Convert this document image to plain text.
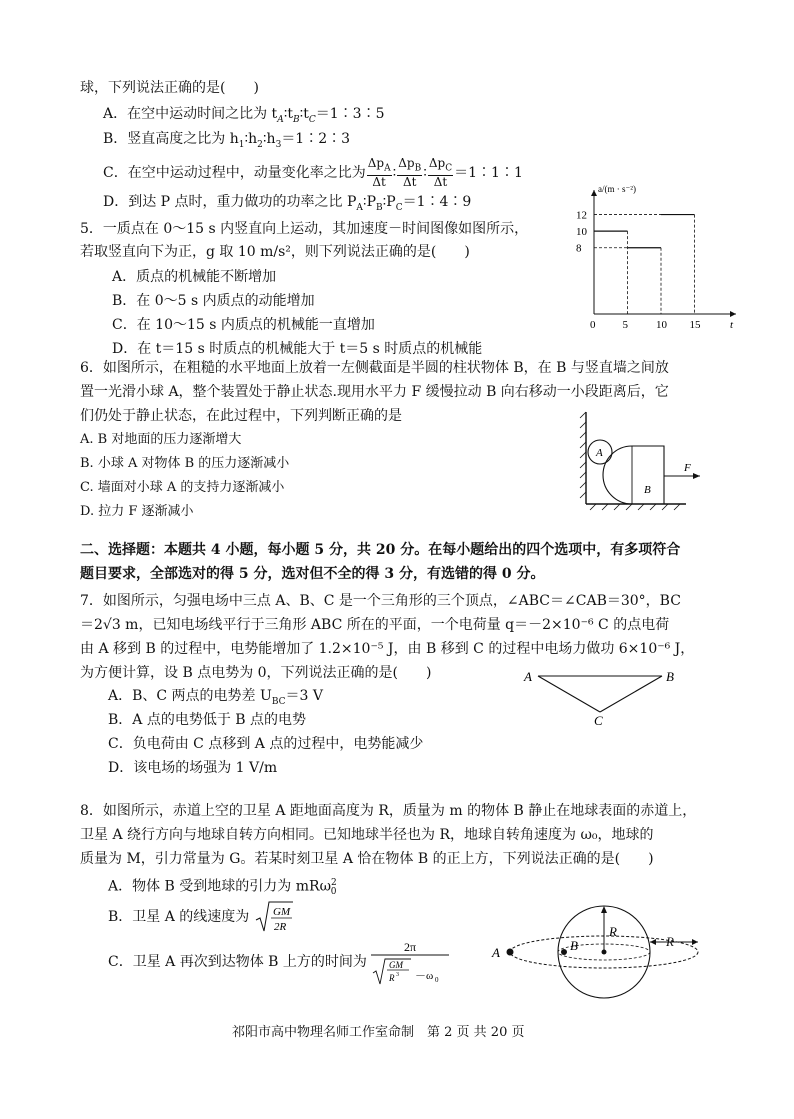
球，下列说法正确的是(　　)
A．在空中运动时间之比为 $t_A∶t_B∶t_C=1∶3∶5$
B．竖直高度之比为 $h_1∶h_2∶h_3=1∶2∶3$
C．在空中运动过程中，动量变化率之比为 $\frac{\Delta p_A}{\Delta t}$ ∶ $\frac{\Delta p_B}{\Delta t}$ ∶ $\frac{\Delta p_C}{\Delta t}$ ＝1∶1∶1
D．到达 P 点时，重力做功的功率之比 $P_A∶P_B∶P_C=1∶4∶9$
5．一质点在 0～15 s 内竖直向上运动，其加速度－时间图像如图所示，
若取竖直向下为正，g 取 10 m/s²，则下列说法正确的是(　　)
A．质点的机械能不断增加
B．在 0～5 s 内质点的动能增加
C．在 10～15 s 内质点的机械能一直增加
D．在 t＝15 s 时质点的机械能大于 t＝5 s 时质点的机械能
a/(m · s⁻²)
t
0 5	10 15
8
10
12
6．如图所示，在粗糙的水平地面上放着一左侧截面是半圆的柱状物体 B，在 B 与竖直墙之间放
置一光滑小球 A，整个装置处于静止状态.现用水平力 F 缓慢拉动 B 向右移动一小段距离后，它
们仍处于静止状态，在此过程中，下列判断正确的是
A. B 对地面的压力逐渐增大
B. 小球 A 对物体 B 的压力逐渐减小
C. 墙面对小球 A 的支持力逐渐减小
D. 拉力 F 逐渐减小
A
B
F
二、选择题：本题共 4 小题，每小题 5 分，共 20 分。在每小题给出的四个选项中，有多项符合
题目要求，全部选对的得 5 分，选对但不全的得 3 分，有选错的得 0 分。
7．如图所示，匀强电场中三点 A、B、C 是一个三角形的三个顶点，∠ABC＝∠CAB＝30°，BC
＝2√3 m，已知电场线平行于三角形 ABC 所在的平面，一个电荷量 q＝－2×10⁻⁶ C 的点电荷
由 A 移到 B 的过程中，电势能增加了 1.2×10⁻⁵ J，由 B 移到 C 的过程中电场力做功 6×10⁻⁶ J，
为方便计算，设 B 点电势为 0，下列说法正确的是(　　)
A．B、C 两点的电势差 $U_{BC}=3$ V
B．A 点的电势低于 B 点的电势
C．负电荷由 C 点移到 A 点的过程中，电势能减少
D．该电场的场强为 1 V/m
A	B
C
8．如图所示，赤道上空的卫星 A 距地面高度为 R，质量为 m 的物体 B 静止在地球表面的赤道上，
卫星 A 绕行方向与地球自转方向相同。已知地球半径也为 R，地球自转角速度为 ω₀，地球的
质量为 M，引力常量为 G。若某时刻卫星 A 恰在物体 B 的正上方，下列说法正确的是(　　)
A．物体 B 受到地球的引力为 mRω$^2_0$
B．卫星 A 的线速度为 GM
2R
C．卫星 A 再次到达物体 B 上方的时间为
2π
GM
R 3 －ω 0
A	B
R
R
祁阳市高中物理名师工作室命制　第 2 页 共 20 页
